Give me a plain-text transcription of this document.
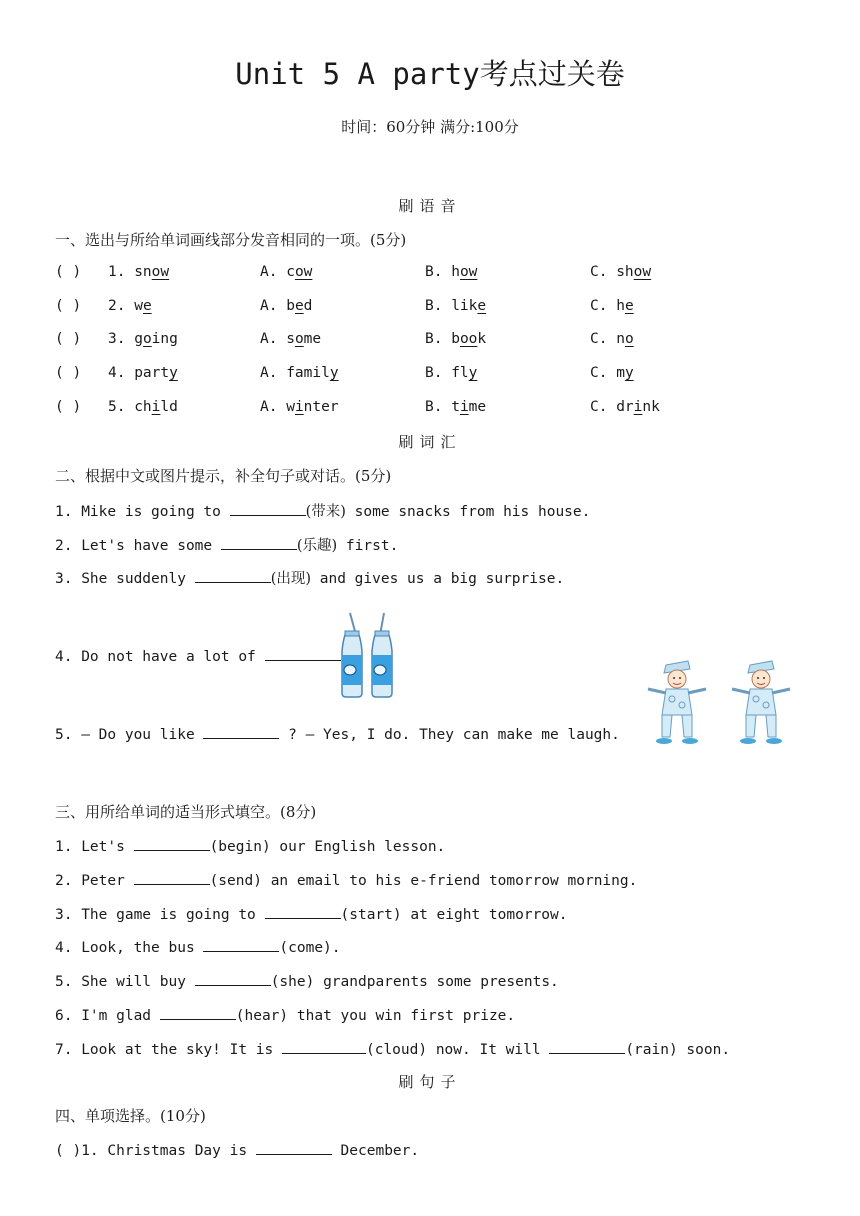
Unit 5 A party考点过关卷
时间：60分钟 满分:100分
刷语音
一、选出与所给单词画线部分发音相同的一项。(5分)
( ) 1. snow	A. cow	B. how	C. show
( ) 2. we	A. bed	B. like	C. he
( ) 3. going	A. some	B. book	C. no
( ) 4. party	A. family	B. fly	C. my
( ) 5. child	A. winter	B. time	C. drink
刷词汇
二、根据中文或图片提示，补全句子或对话。(5分)
1. Mike is going to	(带来) some snacks from his house.
2. Let's have some	(乐趣) first.
3. She suddenly	(出现) and gives us a big surprise.
4. Do not have a lot of
5. — Do you like	? — Yes, I do. They can make me laugh.
三、用所给单词的适当形式填空。(8分)
1. Let's	(begin) our English lesson.
2. Peter	(send) an email to his e-friend tomorrow morning.
3. The game is going to	(start) at eight tomorrow.
4. Look, the bus	(come).
5. She will buy	(she) grandparents some presents.
6. I'm glad	(hear) that you win first prize.
7. Look at the sky! It is	(cloud) now. It will	(rain) soon.
刷句子
四、单项选择。(10分)
( )1. Christmas Day is	December.
